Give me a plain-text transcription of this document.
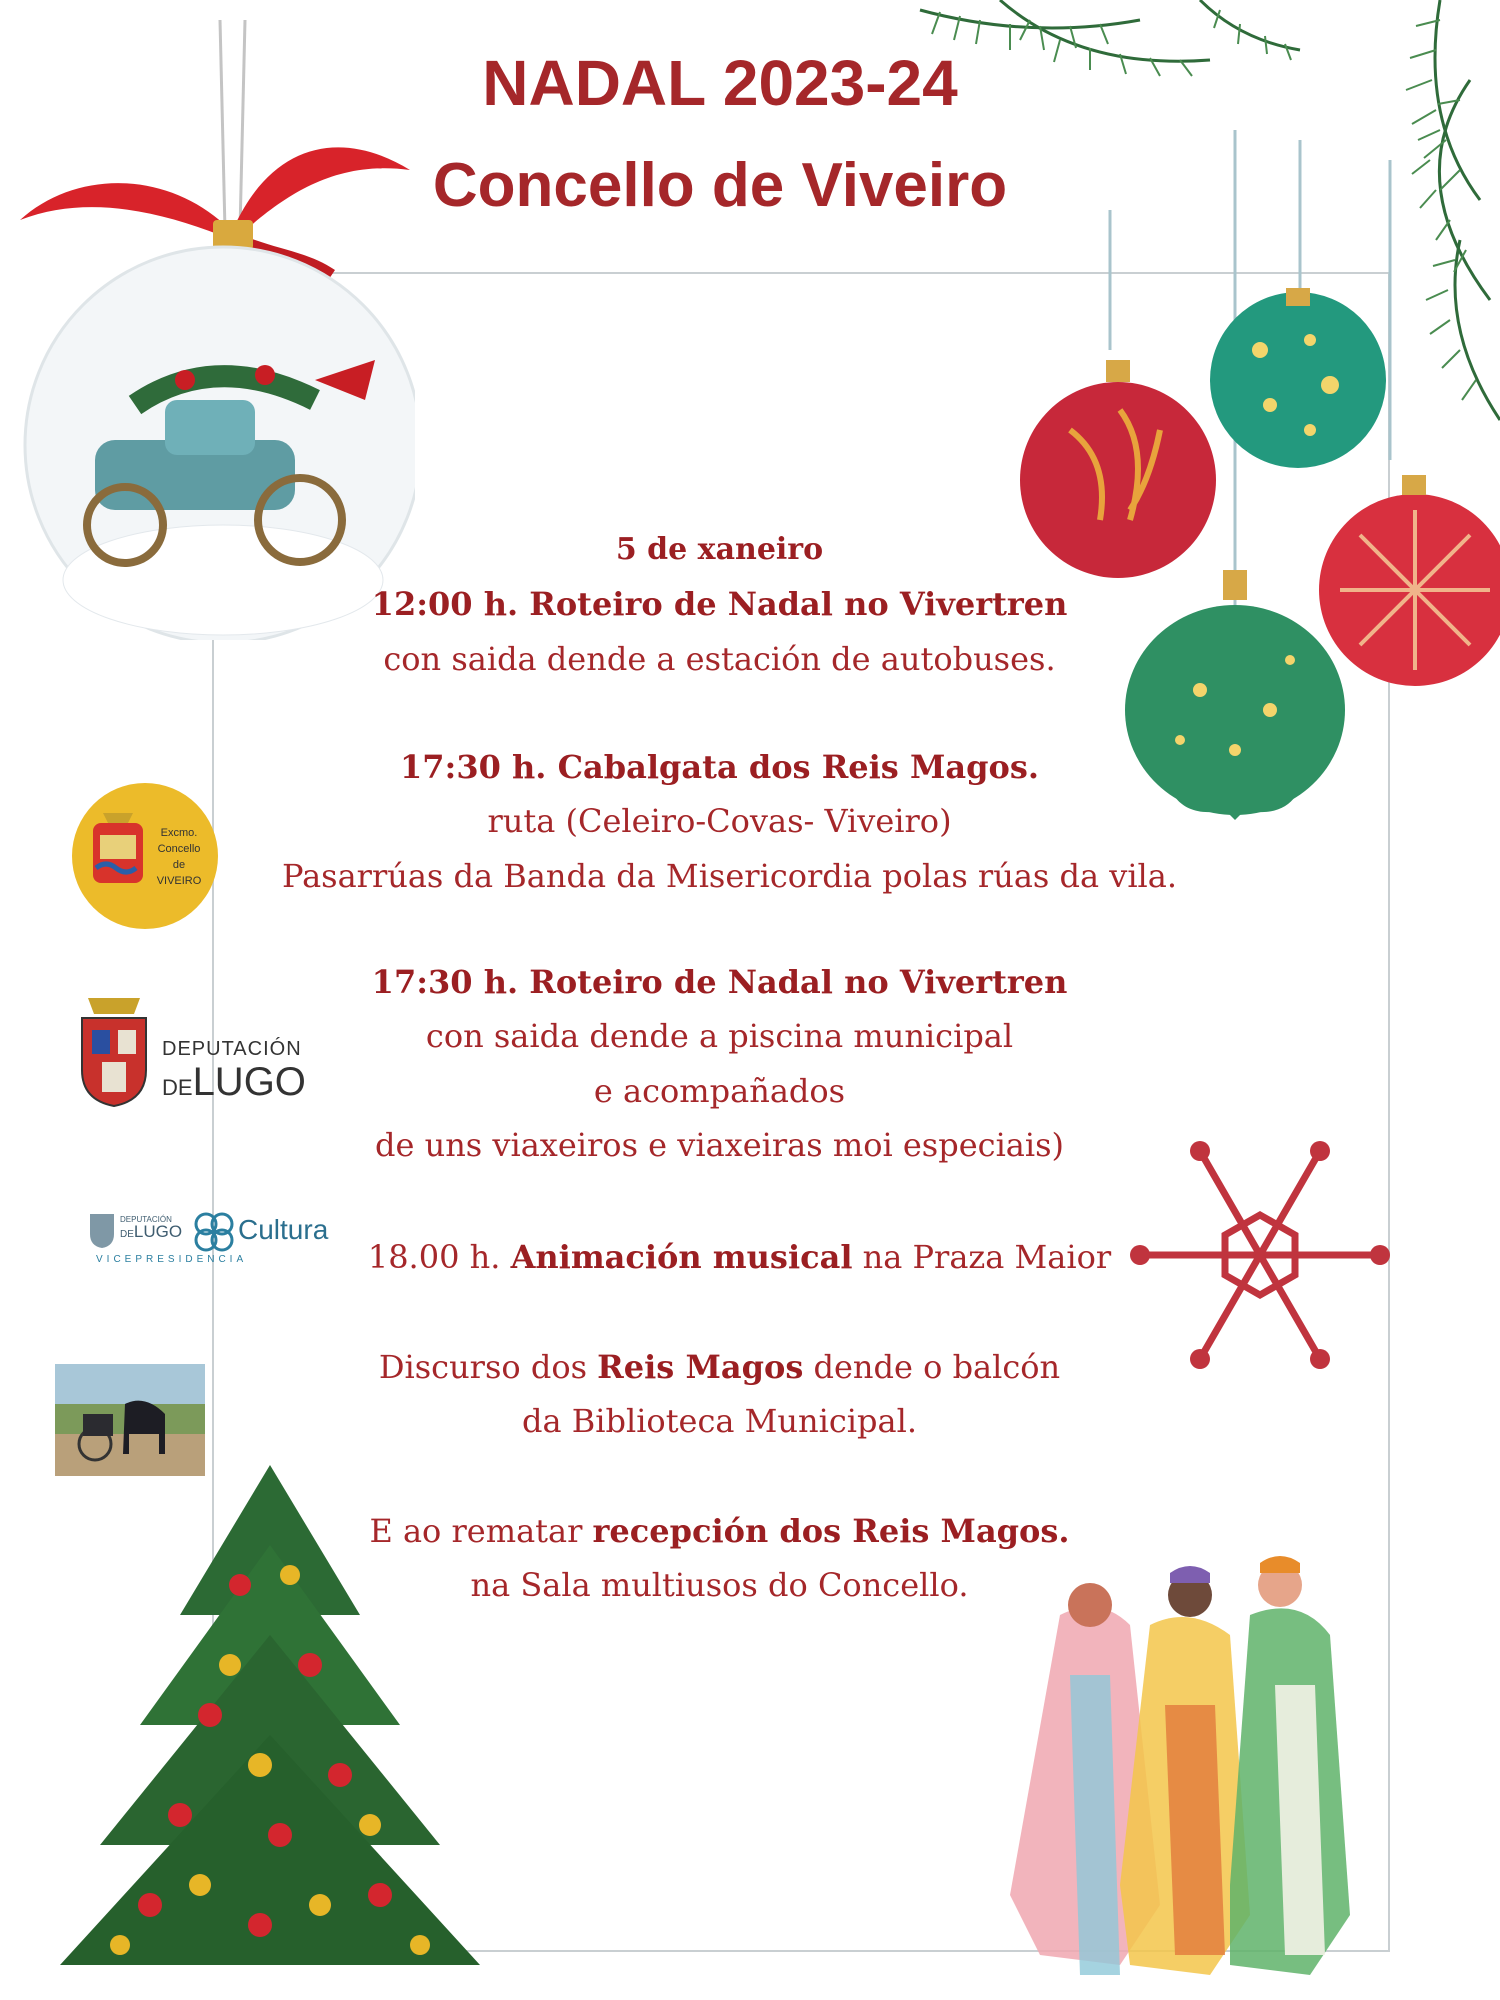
NADAL 2023-24
Concello de Viveiro
Excmo.
Concello
de
VIVEIRO
DEPUTACIÓN
DELUGO
DEPUTACIÓN
DELUGO Cultura
VICEPRESIDENCIA
5 de xaneiro
12:00 h. Roteiro de Nadal no Vivertren
con saida dende a estación de autobuses.
17:30 h. Cabalgata dos Reis Magos.
ruta (Celeiro-Covas- Viveiro)
Pasarrúas da Banda da Misericordia polas rúas da vila.
17:30 h. Roteiro de Nadal no Vivertren
con saida dende a piscina municipal
e acompañados
de uns viaxeiros e viaxeiras moi especiais)
18.00 h. Animación musical na Praza Maior
Discurso dos Reis Magos dende o balcón
da Biblioteca Municipal.
E ao rematar recepción dos Reis Magos.
na Sala multiusos do Concello.
